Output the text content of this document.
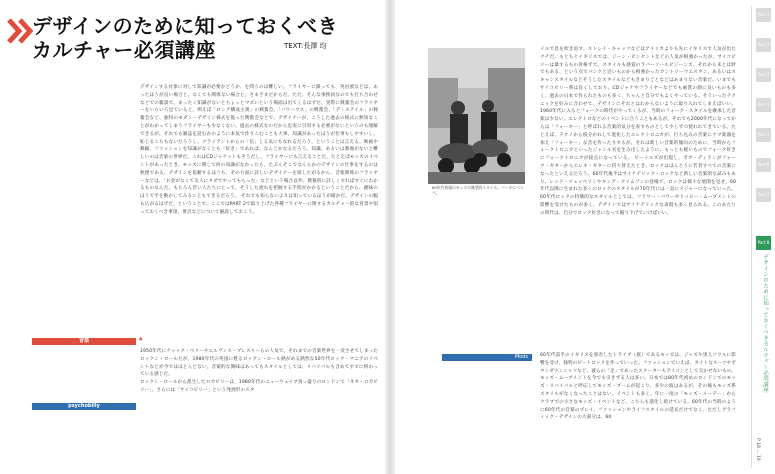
デザインのために知っておくべき
カルチャー必須講座	TEXT:長澤 均

デザインする対象に対して知識が必要かどうか、を問うのは難しい。フライヤーに限っても、英岩族などは、あったほうが良い場合と、なくても関係ない場合と、さまざまだからだ。ただ、そんな事務員なのでも打ち合わせなどでの雑談で、まったく知識がないとちょっとマズいという場面は出てくるはずだ。実際に興奮会のフライヤーをいろいろ見ていると、例えば「ロシア構成主義」の興奮会、「バウハウス」の興奮会、「デ・ステイル」の興奮会など、独特のモダン・デザイン様式を扱った興奮会などで、デザイナーが、こうした過去の様式に無知なことがわかってしまうフライヤーも少なくない。過去の様式なのだから忠実に引用する必要がないというのも理解できるが、それでも雑誌を読むかのように本気で作りこむことも大事。知識があったほうが仕事もしやすいし、恥じるこちもないだろうし、クライアントからの「信」じる気にもなれるだろう、ということは言える。映画や舞踊、ファッションを知識がなくとも「好き」であれば、なんとかなるだろう。知識、あるいは教養がないと難しいのは音楽の世界だ。これはCDジャケットもそうだし、フライヤーにも言えることだ。たとえばモッズのイベントがあったとき、モッズに関して何の知識がなかったら、たぶんそこでなんらかのデザインの仕事をするのは無理である。デザインを依頼するほうも、その方面に詳しいデザイナーを探したがるから、音楽関係のフライヤーなどは、「お金がなくて友人にタダでやってもらった」などという場合以外、教養的に詳しくすればすぐにわかるものなんだ。もちろん若い人たちにとって、そうした流れを把握する手間がかかるということだから、趣味のほうで手を動かしてみることもできるだろう。 それでも知らないよりは知っているほうが確かだ。デザインの幅も広がるはずだ。ということで、ここではPART 2で取り上げた各種フライヤーに関するカルチャー的な背景や知っておくべき事項、要点などについて解説しておこう。

音楽	★

1950年代にチャック・ベリーやエルヴィス・プレスリーらの人気で、それまでの音楽世界を一変させてしまったロックン・ロールだが、1980年代の英国に甦るロックン・ロール熱がある熱烈な50年代ロック・マニアのイベントなどが今ではほとんどない。音楽的な興味はあってもスタイルとしては、リバイバルも含めてすでに終わっている感じだ。
ロックン・ロールから派生したロカビリーは、1980年代のニューウェイブ真っ盛りのロンドンで「ネオ・ロカビリー」、さらには「サイコビリー」という発展形のスタ

psychobilly
60年代初頭のモッズの典型的スタイル。パーカにベスパ。

イルで息を吹き返す。ストレイ・キャッツなどはアメリカよりも先にイギリスで人気が出たクチだ。もともとイギリスでは、ジーン・ビンセントなどの人気が根強かったが、サイコビリーは暴するもの骨格ずで、スタイルも感覚のラバーソールビジーンズ。それから未とは肘でもある、という点でパンクと近いものから根強かったカントリーウエスタン、あるいはスキャンスタイルなどそうしたスタイルなどもきまりごとなどはあまりない音楽だ。いまでもサイコビリー系は良くしており、CDジャケやフライヤーなどでも画質の割に良いものも多く、過去の日本で作られたものも多く、ちゃんと自分でもよくやっている。そういったテクニックを好みに合わせて、デザインにそれとはわからないように取り入れてしまえばいい。1960年代に入るとフォークの時代がやってくるが、当時のフォーク・スタイルを継承した音楽は少ない。エレクトロなどのイベントに合うこともあるが、それでも2000年代になってからは「フォーキー」と呼ばれる音楽的気分を表すものとして少しずつ使われてきている。たとえば、テクノから枝分かれして進化したエレクトロニカが、打ち込みの音楽にナマ楽器を加え「フォーキー」な音を作ったりするが、それは新しい音楽的傾向のために、当時からフォークトロニカといったジャンル名を生み出したように、もっとも軽いものでフォーク好きにフォークトロニカが接点になっている。 ビートルズが出現し、ボブ・ディランがフォーク・ギターからエレキ・ギターに持ち替えたとき、ロックはほんとうに若者すべての音楽になったといえるだろう。60年代後半はサイケデリック・ロックなど新しい音楽的な試みもあり、レッド・ツェッペリンやキング・クリムゾンの登場で、ロックは様々な展開を見せ、60年代以降に生まれた多くのロックのスタイルが70年代には一気にメジャーになっていった。60年代ロックの特徴的なスタイルとしては、フラワー・パワーやヒッピー・ムーブメントの影響を受けたものが多く、デザインではサイケデリックな表現も多く見られる。このあたりの時代は、自分でロック好きになって掘り下げていけばいい。

Mods	60年代前半のイギリスを席巻したトライブ（族）であるモッズは、ジャズや黒人ソウルに影響を受け、独特のビートロックを作っていった。ファッションでいえば、タイトなスーツやボタンダウンシャツなど、彼らの「足」であったスクーターもアイコンとして欠かせないもの。モッズ・ムーブメントを今でも引きずる人は多い。日本では80年代初めのロンドンでのモッズ・リバイバルと呼応してモッズ・ブームが起こり、多少の波はあるが、その後もモッズ系スタイルがなくなったことはない。イベントも多く、年に一度の「モッズ・メーデー」からクラブでの小さなモッズ・イベントなど、こちらも進化し続けている。60年代の当時のように60年代の音楽のプレイ、ファッションやライフスタイルの延長だけでなく、ただしグラフィック・デザインの大部分は、60

Part 1
Part 2
Part 3
Part 4
Part 5
Part 6
Part 7
Part 8
デザインのために知っておくべきカルチャー必須講座
P 18 ... 19
